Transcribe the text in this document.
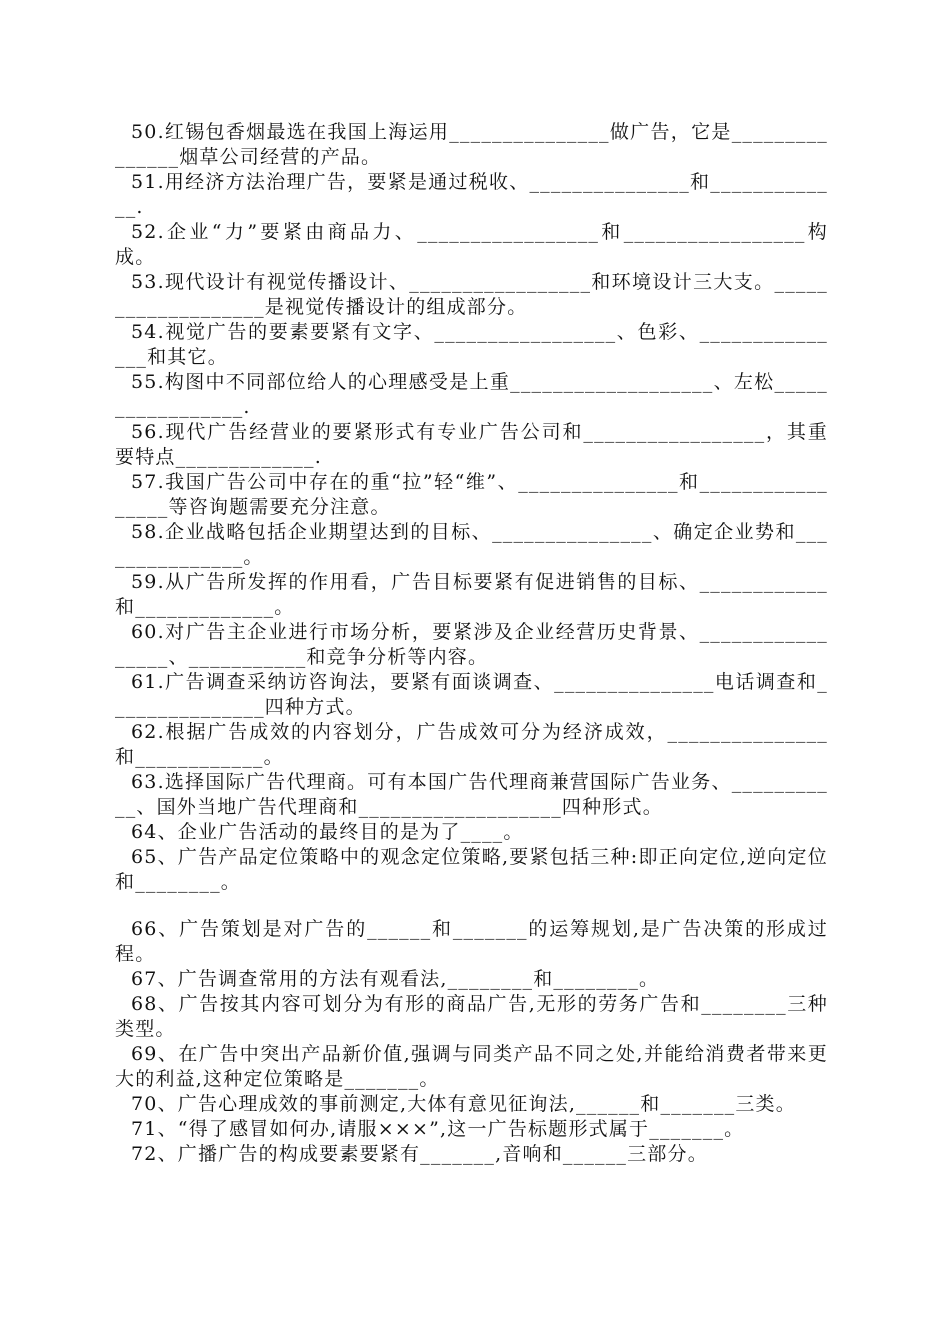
50.红锡包香烟最选在我国上海运用_______________做广告，它是_______________烟草公司经营的产品。

51.用经济方法治理广告，要紧是通过税收、_______________和_____________.

52.企业“力”要紧由商品力、_________________和_________________构成。

53.现代设计有视觉传播设计、_________________和环境设计三大支。___________________是视觉传播设计的组成部分。

54.视觉广告的要素要紧有文字、_________________、色彩、_______________和其它。

55.构图中不同部位给人的心理感受是上重___________________、左松_________________.

56.现代广告经营业的要紧形式有专业广告公司和_________________，其重要特点_____________.

57.我国广告公司中存在的重“拉”轻“维”、_______________和_________________等咨询题需要充分注意。

58.企业战略包括企业期望达到的目标、_______________、确定企业势和_______________。

59.从广告所发挥的作用看，广告目标要紧有促进销售的目标、____________和_____________。

60.对广告主企业进行市场分析，要紧涉及企业经营历史背景、_________________、___________和竞争分析等内容。

61.广告调查采纳访咨询法，要紧有面谈调查、_______________电话调查和_______________四种方式。

62.根据广告成效的内容划分，广告成效可分为经济成效，_______________和____________。

63.选择国际广告代理商。可有本国广告代理商兼营国际广告业务、___________、国外当地广告代理商和___________________四种形式。

64、企业广告活动的最终目的是为了____。

65、广告产品定位策略中的观念定位策略,要紧包括三种:即正向定位,逆向定位和________。

66、广告策划是对广告的______和_______的运筹规划,是广告决策的形成过程。

67、广告调查常用的方法有观看法,________和________。

68、广告按其内容可划分为有形的商品广告,无形的劳务广告和________三种类型。

69、在广告中突出产品新价值,强调与同类产品不同之处,并能给消费者带来更大的利益,这种定位策略是_______。

70、广告心理成效的事前测定,大体有意见征询法,______和_______三类。

71、“得了感冒如何办,请服×××”,这一广告标题形式属于_______。

72、广播广告的构成要素要紧有_______,音响和______三部分。
